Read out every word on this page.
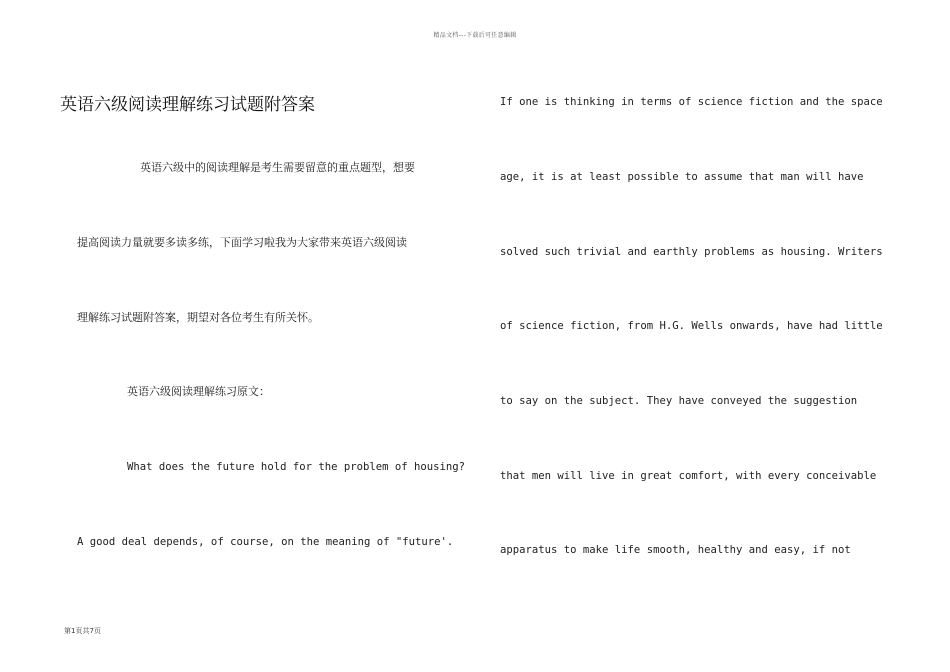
精品文档---下载后可任意编辑
英语六级阅读理解练习试题附答案
英语六级中的阅读理解是考生需要留意的重点题型，想要
提高阅读力量就要多读多练，下面学习啦我为大家带来英语六级阅读
理解练习试题附答案，期望对各位考生有所关怀。
英语六级阅读理解练习原文：
What does the future hold for the problem of housing?
A good deal depends, of course, on the meaning of "future'.
If one is thinking in terms of science fiction and the space
age, it is at least possible to assume that man will have
solved such trivial and earthly problems as housing. Writers
of science fiction, from H.G. Wells onwards, have had little
to say on the subject. They have conveyed the suggestion
that men will live in great comfort, with every conceivable
apparatus to make life smooth, healthy and easy, if not
第1页共7页
